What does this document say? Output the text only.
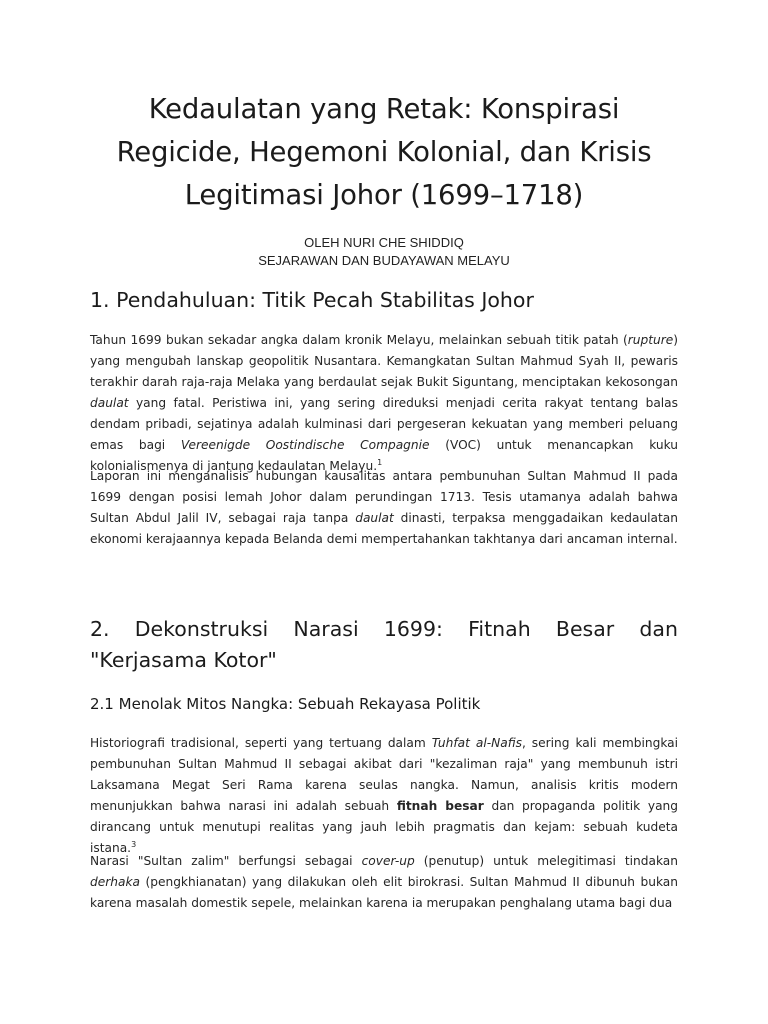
Kedaulatan yang Retak: Konspirasi
Regicide, Hegemoni Kolonial, dan Krisis
Legitimasi Johor (1699–1718)
OLEH NURI CHE SHIDDIQ
SEJARAWAN DAN BUDAYAWAN MELAYU
1. Pendahuluan: Titik Pecah Stabilitas Johor

Tahun 1699 bukan sekadar angka dalam kronik Melayu, melainkan sebuah titik patah (rupture) yang mengubah lanskap geopolitik Nusantara. Kemangkatan Sultan Mahmud Syah II, pewaris terakhir darah raja-raja Melaka yang berdaulat sejak Bukit Siguntang, menciptakan kekosongan daulat yang fatal. Peristiwa ini, yang sering direduksi menjadi cerita rakyat tentang balas dendam pribadi, sejatinya adalah kulminasi dari pergeseran kekuatan yang memberi peluang emas bagi Vereenigde Oostindische Compagnie (VOC) untuk menancapkan kuku kolonialismenya di jantung kedaulatan Melayu.$^1$

Laporan ini menganalisis hubungan kausalitas antara pembunuhan Sultan Mahmud II pada 1699 dengan posisi lemah Johor dalam perundingan 1713. Tesis utamanya adalah bahwa Sultan Abdul Jalil IV, sebagai raja tanpa daulat dinasti, terpaksa menggadaikan kedaulatan ekonomi kerajaannya kepada Belanda demi mempertahankan takhtanya dari ancaman internal.

2. Dekonstruksi Narasi 1699: Fitnah Besar dan
"Kerjasama Kotor"
2.1 Menolak Mitos Nangka: Sebuah Rekayasa Politik

Historiografi tradisional, seperti yang tertuang dalam Tuhfat al-Nafis, sering kali membingkai pembunuhan Sultan Mahmud II sebagai akibat dari "kezaliman raja" yang membunuh istri Laksamana Megat Seri Rama karena seulas nangka. Namun, analisis kritis modern menunjukkan bahwa narasi ini adalah sebuah fitnah besar dan propaganda politik yang dirancang untuk menutupi realitas yang jauh lebih pragmatis dan kejam: sebuah kudeta istana.$^3$

Narasi "Sultan zalim" berfungsi sebagai cover-up (penutup) untuk melegitimasi tindakan derhaka (pengkhianatan) yang dilakukan oleh elit birokrasi. Sultan Mahmud II dibunuh bukan karena masalah domestik sepele, melainkan karena ia merupakan penghalang utama bagi dua
